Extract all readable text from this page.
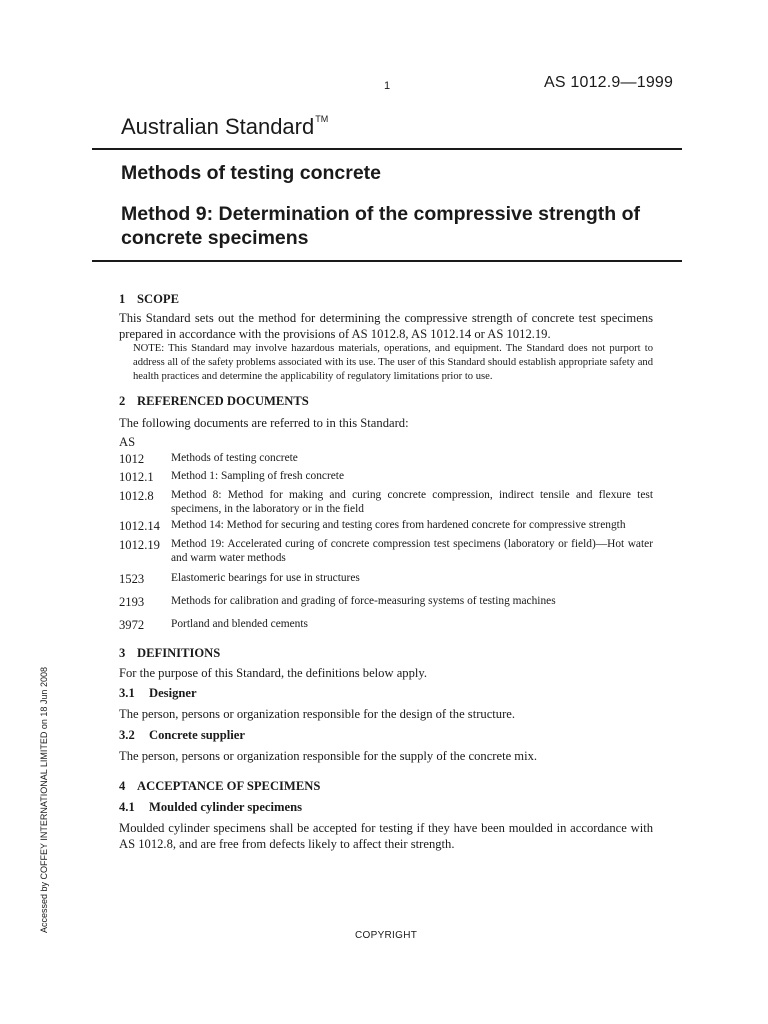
1	AS 1012.9—1999
Australian Standard™
Methods of testing concrete
Method 9: Determination of the compressive strength of concrete specimens
1 SCOPE

This Standard sets out the method for determining the compressive strength of concrete test specimens prepared in accordance with the provisions of AS 1012.8, AS 1012.14 or AS 1012.19.

NOTE: This Standard may involve hazardous materials, operations, and equipment. The Standard does not purport to address all of the safety problems associated with its use. The user of this Standard should establish appropriate safety and health practices and determine the applicability of regulatory limitations prior to use.
2 REFERENCED DOCUMENTS

The following documents are referred to in this Standard:

AS
1012	Methods of testing concrete
1012.1	Method 1: Sampling of fresh concrete
1012.8	Method 8: Method for making and curing concrete compression, indirect tensile and flexure test specimens, in the laboratory or in the field
1012.14 Method 14: Method for securing and testing cores from hardened concrete for compressive strength
1012.19 Method 19: Accelerated curing of concrete compression test specimens (laboratory or field)—Hot water and warm water methods
1523	Elastomeric bearings for use in structures
2193	Methods for calibration and grading of force-measuring systems of testing machines
3972	Portland and blended cements
3 DEFINITIONS

For the purpose of this Standard, the definitions below apply.

3.1 Designer

The person, persons or organization responsible for the design of the structure.

3.2 Concrete supplier

The person, persons or organization responsible for the supply of the concrete mix.

4 ACCEPTANCE OF SPECIMENS
4.1 Moulded cylinder specimens

Moulded cylinder specimens shall be accepted for testing if they have been moulded in accordance with AS 1012.8, and are free from defects likely to affect their strength.

Accessed by COFFEY INTERNATIONAL LIMITED on 18 Jun 2008
COPYRIGHT
